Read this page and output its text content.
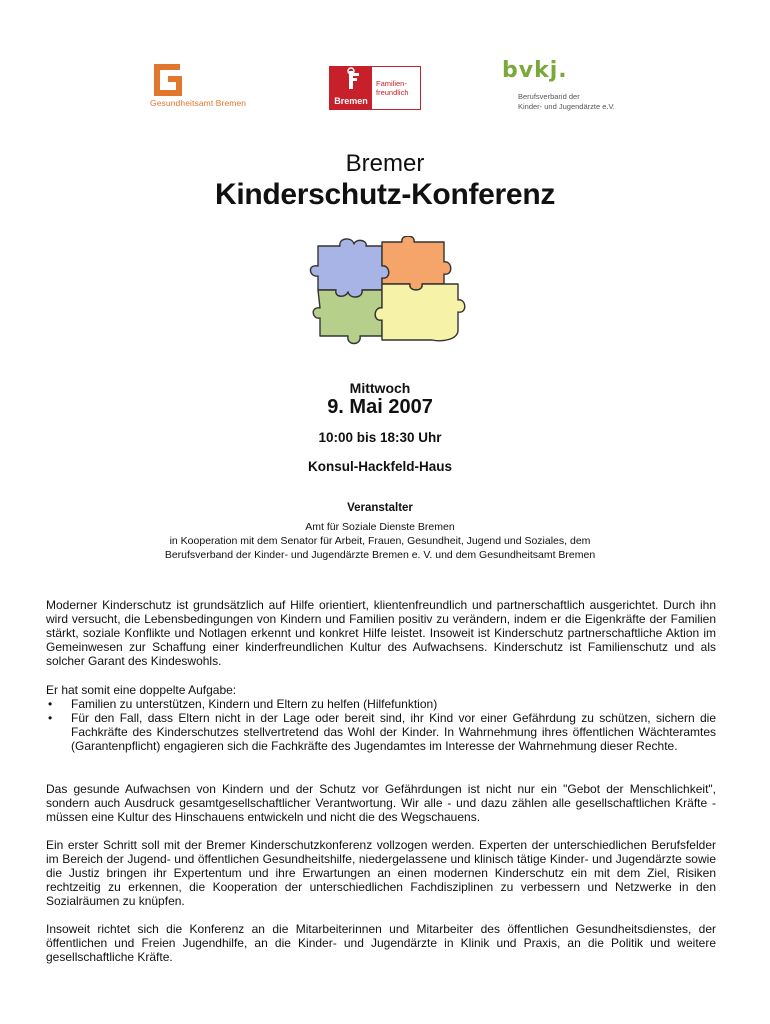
Gesundheitsamt Bremen	Bremen
Familien-
freundlich
bvkj.
Berufsverband der
Kinder- und Jugendärzte e.V.
Bremer
Kinderschutz-Konferenz
Mittwoch
9. Mai 2007
10:00 bis 18:30 Uhr
Konsul-Hackfeld-Haus
Veranstalter
Amt für Soziale Dienste Bremen
in Kooperation mit dem Senator für Arbeit, Frauen, Gesundheit, Jugend und Soziales, dem
Berufsverband der Kinder- und Jugendärzte Bremen e. V. und dem Gesundheitsamt Bremen

Moderner Kinderschutz ist grundsätzlich auf Hilfe orientiert, klientenfreundlich und partnerschaftlich ausgerichtet. Durch ihn wird versucht, die Lebensbedingungen von Kindern und Familien positiv zu verändern, indem er die Eigenkräfte der Familien stärkt, soziale Konflikte und Notlagen erkennt und konkret Hilfe leistet. Insoweit ist Kinderschutz partnerschaftliche Aktion im Gemeinwesen zur Schaffung einer kinderfreundlichen Kultur des Aufwachsens. Kinderschutz ist Familienschutz und als solcher Garant des Kindeswohls.

Er hat somit eine doppelte Aufgabe:

• Familien zu unterstützen, Kindern und Eltern zu helfen (Hilfefunktion)
• Für den Fall, dass Eltern nicht in der Lage oder bereit sind, ihr Kind vor einer Gefährdung zu schützen, sichern die Fachkräfte des Kinderschutzes stellvertretend das Wohl der Kinder. In Wahrnehmung ihres öffentlichen Wächteramtes (Garantenpflicht) engagieren sich die Fachkräfte des Jugendamtes im Interesse der Wahrnehmung dieser Rechte.

Das gesunde Aufwachsen von Kindern und der Schutz vor Gefährdungen ist nicht nur ein "Gebot der Menschlichkeit", sondern auch Ausdruck gesamtgesellschaftlicher Verantwortung. Wir alle - und dazu zählen alle gesellschaftlichen Kräfte - müssen eine Kultur des Hinschauens entwickeln und nicht die des Wegschauens.

Ein erster Schritt soll mit der Bremer Kinderschutzkonferenz vollzogen werden. Experten der unterschiedlichen Berufsfelder im Bereich der Jugend- und öffentlichen Gesundheitshilfe, niedergelassene und klinisch tätige Kinder- und Jugendärzte sowie die Justiz bringen ihr Expertentum und ihre Erwartungen an einen modernen Kinderschutz ein mit dem Ziel, Risiken rechtzeitig zu erkennen, die Kooperation der unterschiedlichen Fachdisziplinen zu verbessern und Netzwerke in den Sozialräumen zu knüpfen.

Insoweit richtet sich die Konferenz an die Mitarbeiterinnen und Mitarbeiter des öffentlichen Gesundheitsdienstes, der öffentlichen und Freien Jugendhilfe, an die Kinder- und Jugendärzte in Klinik und Praxis, an die Politik und weitere gesellschaftliche Kräfte.
